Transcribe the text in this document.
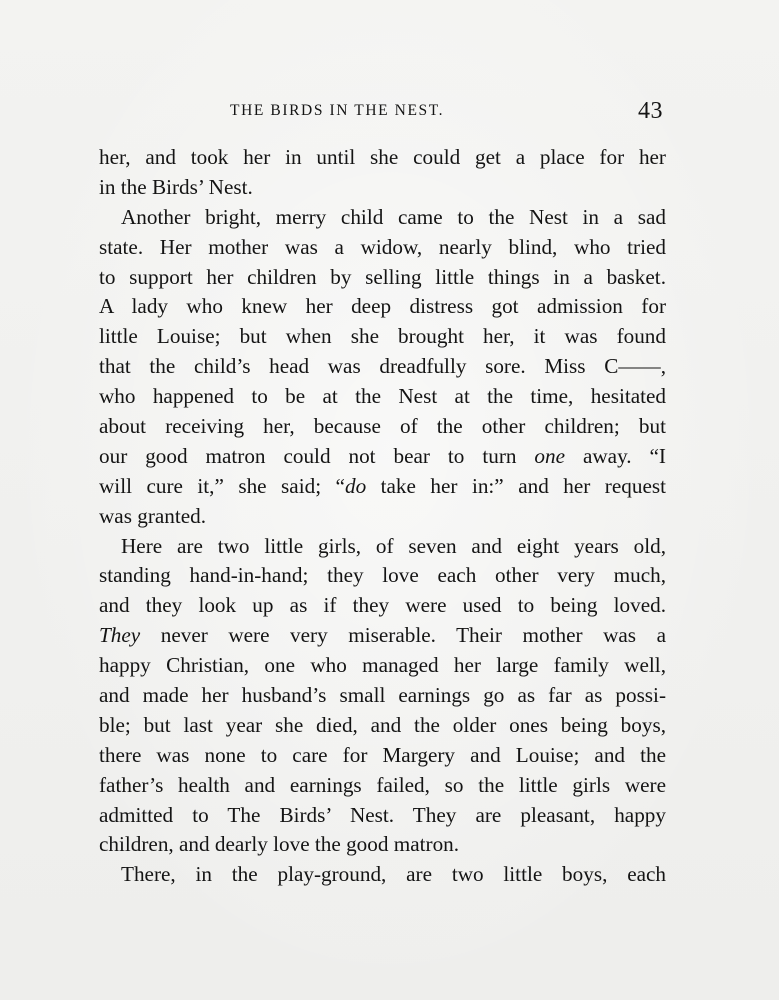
THE BIRDS IN THE NEST.	43
her, and took her in until she could get a place for her
in the Birds’ Nest.
Another bright, merry child came to the Nest in a sad
state. Her mother was a widow, nearly blind, who tried
to support her children by selling little things in a basket.
A lady who knew her deep distress got admission for
little Louise; but when she brought her, it was found
that the child’s head was dreadfully sore. Miss C——,
who happened to be at the Nest at the time, hesitated
about receiving her, because of the other children; but
our good matron could not bear to turn one away. “I
will cure it,” she said; “do take her in:” and her request
was granted.
Here are two little girls, of seven and eight years old,
standing hand-in-hand; they love each other very much,
and they look up as if they were used to being loved.
They never were very miserable. Their mother was a
happy Christian, one who managed her large family well,
and made her husband’s small earnings go as far as possi-
ble; but last year she died, and the older ones being boys,
there was none to care for Margery and Louise; and the
father’s health and earnings failed, so the little girls were
admitted to The Birds’ Nest. They are pleasant, happy
children, and dearly love the good matron.
There, in the play-ground, are two little boys, each
